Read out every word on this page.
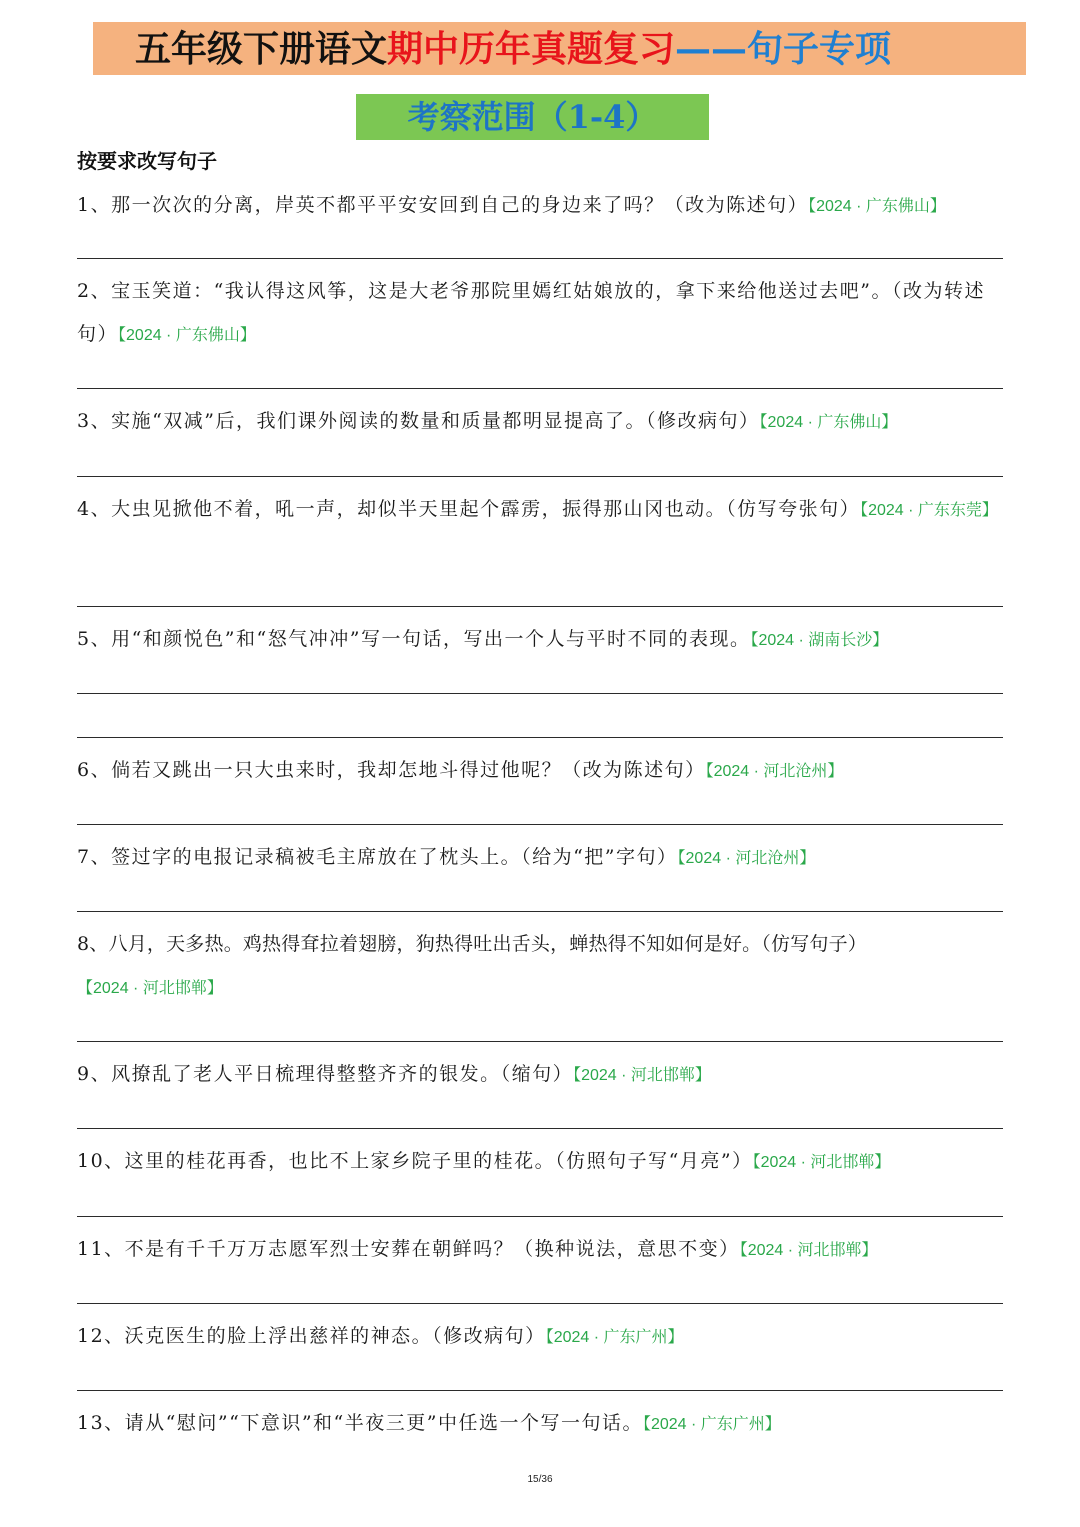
五年级下册语文期中历年真题复习——句子专项
考察范围（1-4）
按要求改写句子
1、那一次次的分离，岸英不都平平安安回到自己的身边来了吗？（改为陈述句）【2024 · 广东佛山】
2、宝玉笑道：“我认得这风筝，这是大老爷那院里嫣红姑娘放的，拿下来给他送过去吧”。（改为转述句）【2024 · 广东佛山】
3、实施“双减”后，我们课外阅读的数量和质量都明显提高了。（修改病句）【2024 · 广东佛山】
4、大虫见掀他不着，吼一声，却似半天里起个霹雳，振得那山冈也动。（仿写夸张句）【2024 · 广东东莞】
5、用“和颜悦色”和“怒气冲冲”写一句话，写出一个人与平时不同的表现。【2024 · 湖南长沙】
6、倘若又跳出一只大虫来时，我却怎地斗得过他呢？（改为陈述句）【2024 · 河北沧州】
7、签过字的电报记录稿被毛主席放在了枕头上。（给为“把”字句）【2024 · 河北沧州】
8、八月，天多热。鸡热得耷拉着翅膀，狗热得吐出舌头，蝉热得不知如何是好。（仿写句子）【2024 · 河北邯郸】
9、风撩乱了老人平日梳理得整整齐齐的银发。（缩句）【2024 · 河北邯郸】
10、这里的桂花再香，也比不上家乡院子里的桂花。（仿照句子写“月亮”）【2024 · 河北邯郸】
11、不是有千千万万志愿军烈士安葬在朝鲜吗？（换种说法，意思不变）【2024 · 河北邯郸】
12、沃克医生的脸上浮出慈祥的神态。（修改病句）【2024 · 广东广州】
13、请从“慰问”“下意识”和“半夜三更”中任选一个写一句话。【2024 · 广东广州】
15/36
